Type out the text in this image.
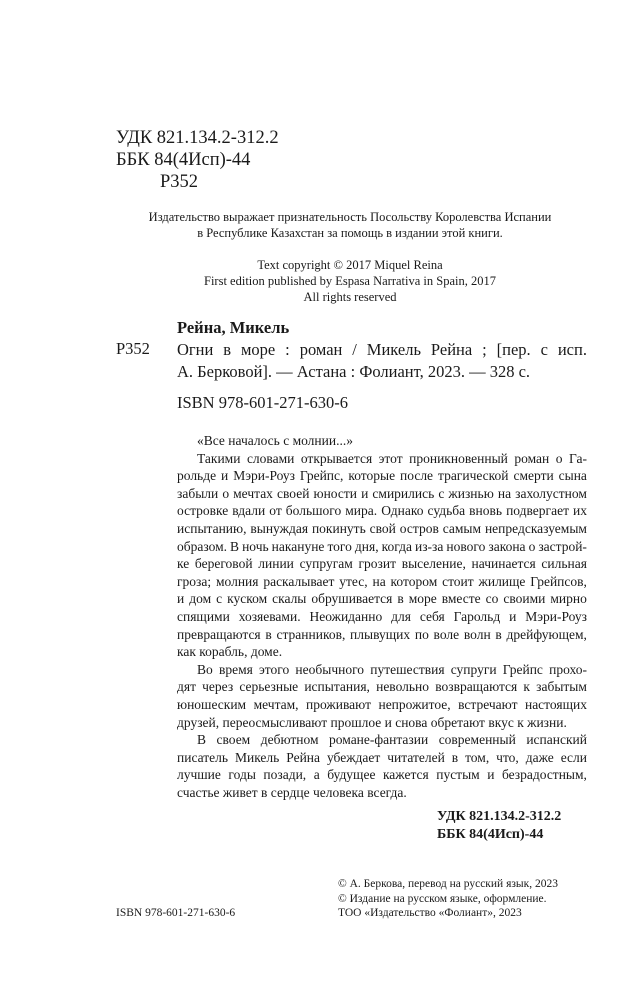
УДК 821.134.2-312.2
ББК 84(4Исп)-44
Р352
Издательство выражает признательность Посольству Королевства Испании
в Республике Казахстан за помощь в издании этой книги.
Text copyright © 2017 Miquel Reina
First edition published by Espasa Narrativa in Spain, 2017
All rights reserved
Рейна, Микель
Р352 Огни в море : роман / Микель Рейна ; [пер. с исп.
А. Берковой]. — Астана : Фолиант, 2023. — 328 с.
ISBN 978-601-271-630-6
«Все началось с молнии...»
Такими словами открывается этот проникновенный роман о Га-
рольде и Мэри-Роуз Грейпс, которые после трагической смерти сына
забыли о мечтах своей юности и смирились с жизнью на захолустном
островке вдали от большого мира. Однако судьба вновь подвергает их
испытанию, вынуждая покинуть свой остров самым непредсказуемым
образом. В ночь накануне того дня, когда из-за нового закона о застрой-
ке береговой линии супругам грозит выселение, начинается сильная
гроза; молния раскалывает утес, на котором стоит жилище Грейпсов,
и дом с куском скалы обрушивается в море вместе со своими мирно
спящими хозяевами. Неожиданно для себя Гарольд и Мэри-Роуз
превращаются в странников, плывущих по воле волн в дрейфующем,
как корабль, доме.
Во время этого необычного путешествия супруги Грейпс прохо-
дят через серьезные испытания, невольно возвращаются к забытым
юношеским мечтам, проживают непрожитое, встречают настоящих
друзей, переосмысливают прошлое и снова обретают вкус к жизни.
В своем дебютном романе-фантазии современный испанский
писатель Микель Рейна убеждает читателей в том, что, даже если
лучшие годы позади, а будущее кажется пустым и безрадостным,
счастье живет в сердце человека всегда.
УДК 821.134.2-312.2
ББК 84(4Исп)-44
© А. Беркова, перевод на русский язык, 2023
© Издание на русском языке, оформление.
ТОО «Издательство «Фолиант», 2023
ISBN 978-601-271-630-6
